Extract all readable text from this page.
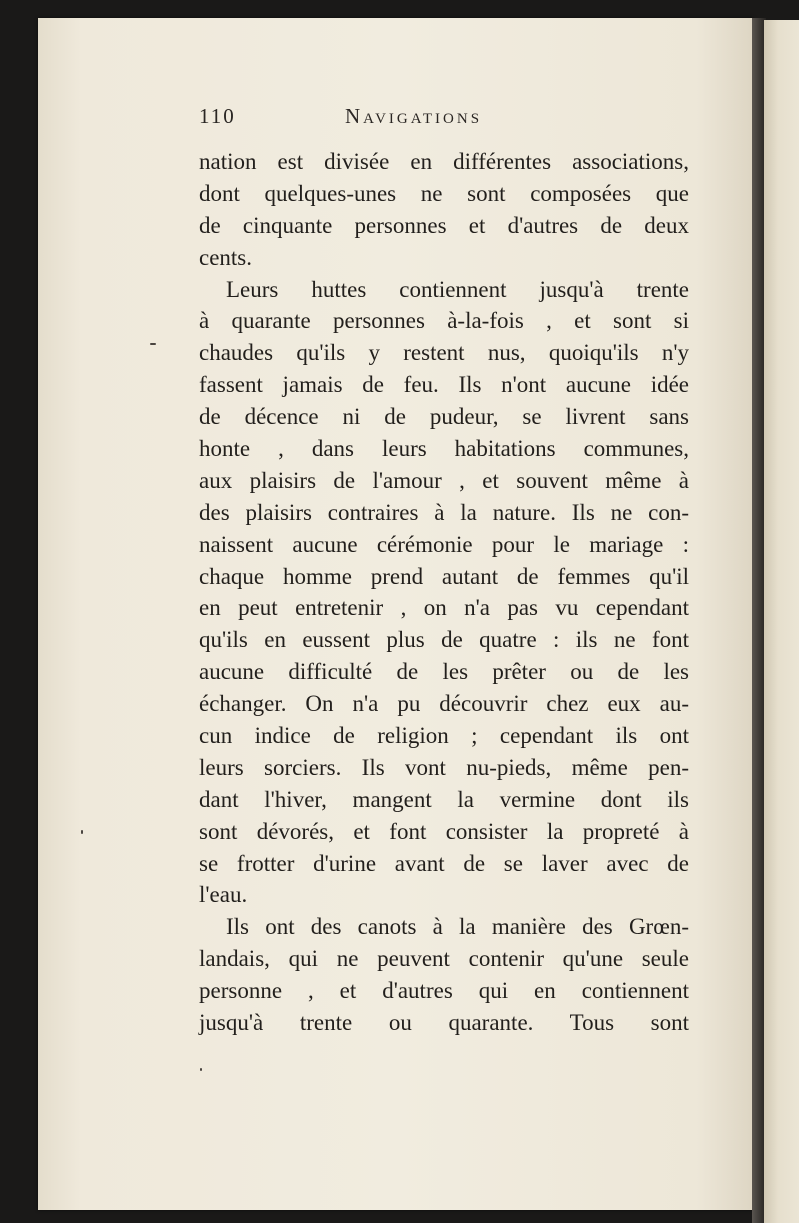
110	Navigations
nation est divisée en différentes associations,
dont quelques-unes ne sont composées que
de cinquante personnes et d'autres de deux
cents.
Leurs huttes contiennent jusqu'à trente
à quarante personnes à-la-fois , et sont si
chaudes qu'ils y restent nus, quoiqu'ils n'y
fassent jamais de feu. Ils n'ont aucune idée
de décence ni de pudeur, se livrent sans
honte , dans leurs habitations communes,
aux plaisirs de l'amour , et souvent même à
des plaisirs contraires à la nature. Ils ne con-
naissent aucune cérémonie pour le mariage :
chaque homme prend autant de femmes qu'il
en peut entretenir , on n'a pas vu cependant
qu'ils en eussent plus de quatre : ils ne font
aucune difficulté de les prêter ou de les
échanger. On n'a pu découvrir chez eux au-
cun indice de religion ; cependant ils ont
leurs sorciers. Ils vont nu-pieds, même pen-
dant l'hiver, mangent la vermine dont ils
sont dévorés, et font consister la propreté à
se frotter d'urine avant de se laver avec de
l'eau.
Ils ont des canots à la manière des Grœn-
landais, qui ne peuvent contenir qu'une seule
personne , et d'autres qui en contiennent
jusqu'à trente ou quarante. Tous sont
